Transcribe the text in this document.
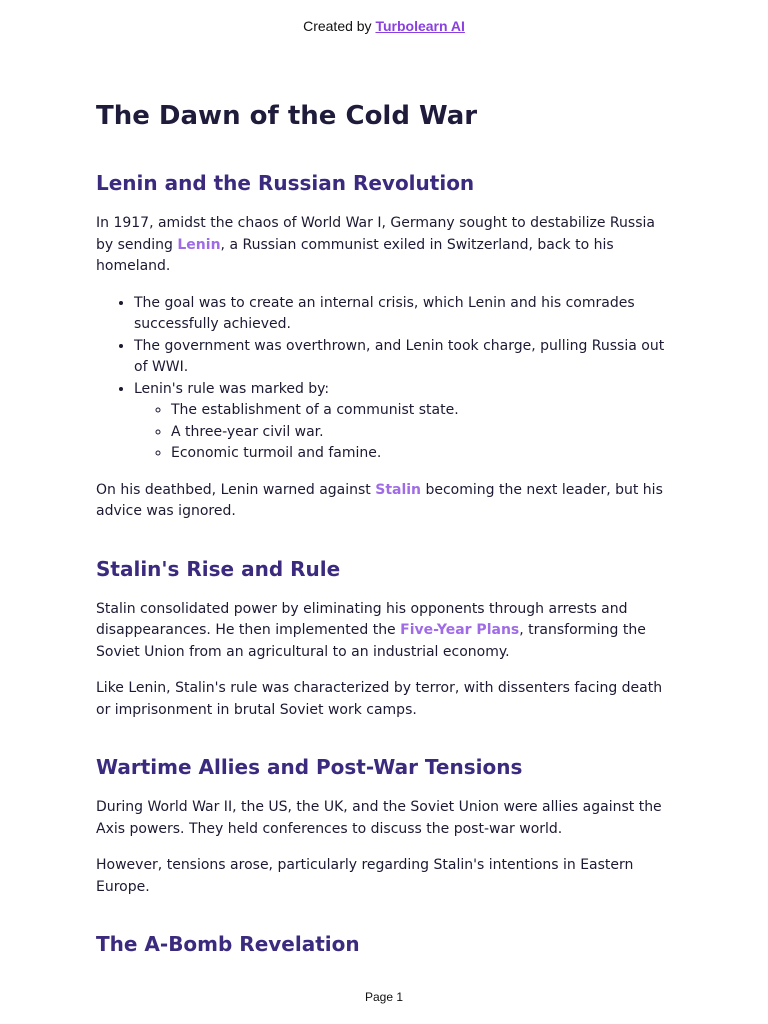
Created by Turbolearn AI
The Dawn of the Cold War
Lenin and the Russian Revolution

In 1917, amidst the chaos of World War I, Germany sought to destabilize Russia by sending Lenin, a Russian communist exiled in Switzerland, back to his homeland.

• The goal was to create an internal crisis, which Lenin and his comrades successfully achieved.
• The government was overthrown, and Lenin took charge, pulling Russia out of WWI.
• Lenin's rule was marked by:
◦ The establishment of a communist state.
◦ A three-year civil war.
◦ Economic turmoil and famine.

On his deathbed, Lenin warned against Stalin becoming the next leader, but his advice was ignored.

Stalin's Rise and Rule

Stalin consolidated power by eliminating his opponents through arrests and disappearances. He then implemented the Five-Year Plans, transforming the Soviet Union from an agricultural to an industrial economy.

Like Lenin, Stalin's rule was characterized by terror, with dissenters facing death or imprisonment in brutal Soviet work camps.

Wartime Allies and Post-War Tensions

During World War II, the US, the UK, and the Soviet Union were allies against the Axis powers. They held conferences to discuss the post-war world.

However, tensions arose, particularly regarding Stalin's intentions in Eastern Europe.

The A-Bomb Revelation
Page 1
